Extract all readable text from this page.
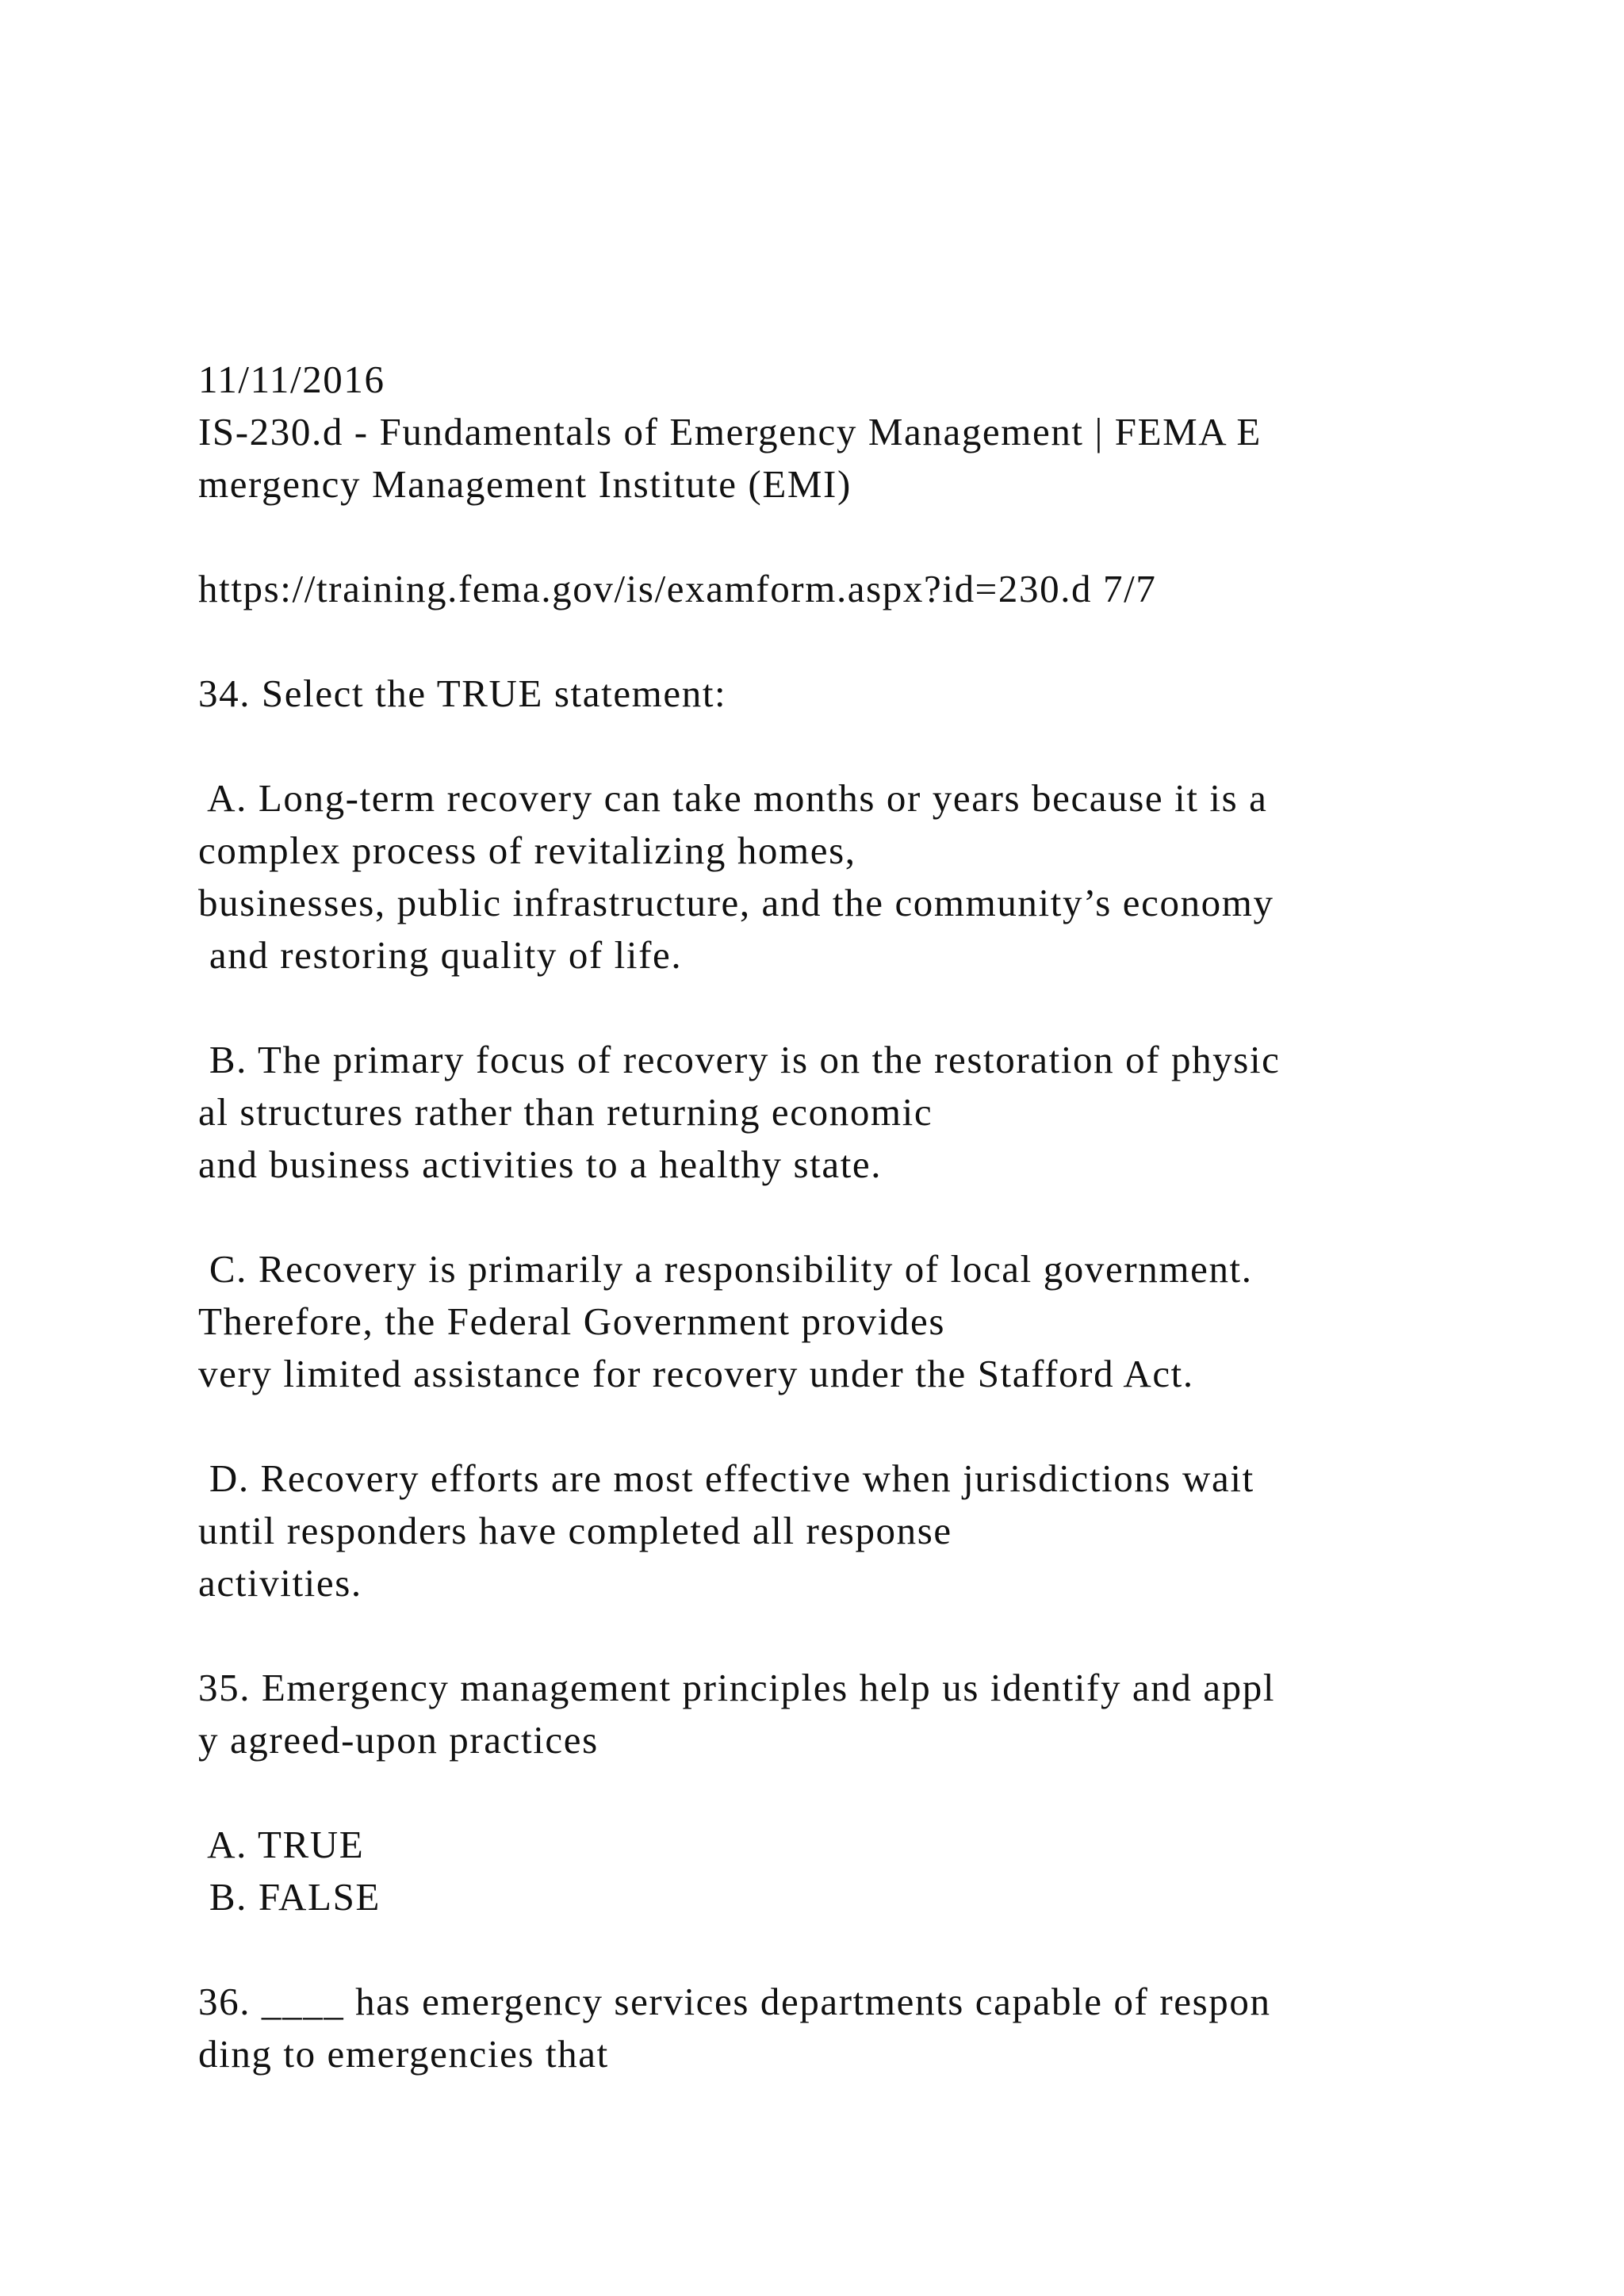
11/11/2016

IS-230.d - Fundamentals of Emergency Management | FEMA E

mergency Management Institute (EMI)

https://training.fema.gov/is/examform.aspx?id=230.d 7/7

34. Select the TRUE statement:

A. Long-term recovery can take months or years because it is a

complex process of revitalizing homes,

businesses, public infrastructure, and the community’s economy

and restoring quality of life.

B. The primary focus of recovery is on the restoration of physic

al structures rather than returning economic

and business activities to a healthy state.

C. Recovery is primarily a responsibility of local government.

Therefore, the Federal Government provides

very limited assistance for recovery under the Stafford Act.

D. Recovery efforts are most effective when jurisdictions wait

until responders have completed all response

activities.

35. Emergency management principles help us identify and appl

y agreed-upon practices

A. TRUE

B. FALSE

36. ____ has emergency services departments capable of respon

ding to emergencies that
